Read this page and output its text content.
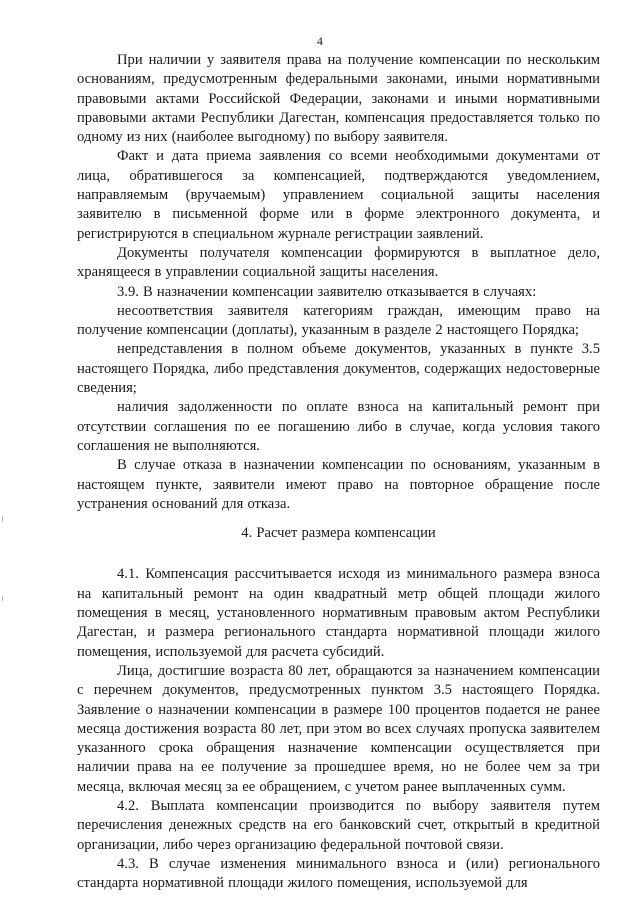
4

При наличии у заявителя права на получение компенсации по нескольким основаниям, предусмотренным федеральными законами, иными нормативными правовыми актами Российской Федерации, законами и иными нормативными правовыми актами Республики Дагестан, компенсация предоставляется только по одному из них (наиболее выгодному) по выбору заявителя.

Факт и дата приема заявления со всеми необходимыми документами от лица, обратившегося за компенсацией, подтверждаются уведомлением, направляемым (вручаемым) управлением социальной защиты населения заявителю в письменной форме или в форме электронного документа, и регистрируются в специальном журнале регистрации заявлений.

Документы получателя компенсации формируются в выплатное дело, хранящееся в управлении социальной защиты населения.

3.9. В назначении компенсации заявителю отказывается в случаях:

несоответствия заявителя категориям граждан, имеющим право на получение компенсации (доплаты), указанным в разделе 2 настоящего Порядка;

непредставления в полном объеме документов, указанных в пункте 3.5 настоящего Порядка, либо представления документов, содержащих недостоверные сведения;

наличия задолженности по оплате взноса на капитальный ремонт при отсутствии соглашения по ее погашению либо в случае, когда условия такого соглашения не выполняются.

В случае отказа в назначении компенсации по основаниям, указанным в настоящем пункте, заявители имеют право на повторное обращение после устранения оснований для отказа.

4. Расчет размера компенсации

4.1. Компенсация рассчитывается исходя из минимального размера взноса на капитальный ремонт на один квадратный метр общей площади жилого помещения в месяц, установленного нормативным правовым актом Республики Дагестан, и размера регионального стандарта нормативной площади жилого помещения, используемой для расчета субсидий.

Лица, достигшие возраста 80 лет, обращаются за назначением компенсации с перечнем документов, предусмотренных пунктом 3.5 настоящего Порядка. Заявление о назначении компенсации в размере 100 процентов подается не ранее месяца достижения возраста 80 лет, при этом во всех случаях пропуска заявителем указанного срока обращения назначение компенсации осуществляется при наличии права на ее получение за прошедшее время, но не более чем за три месяца, включая месяц за ее обращением, с учетом ранее выплаченных сумм.

4.2. Выплата компенсации производится по выбору заявителя путем перечисления денежных средств на его банковский счет, открытый в кредитной организации, либо через организацию федеральной почтовой связи.

4.3. В случае изменения минимального взноса и (или) регионального стандарта нормативной площади жилого помещения, используемой для
